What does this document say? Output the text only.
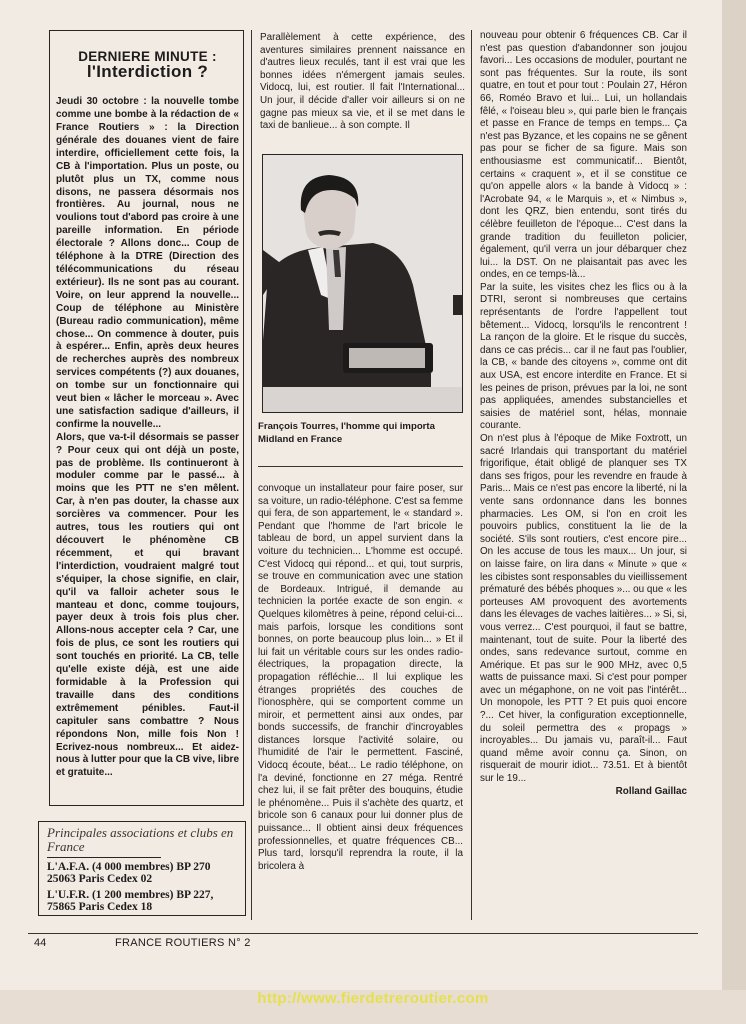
DERNIERE MINUTE :
l'Interdiction ?
Jeudi 30 octobre : la nouvelle tombe comme une bombe à la rédaction de « France Routiers » : la Direction générale des douanes vient de faire interdire, officiellement cette fois, la CB à l'importation. Plus un poste, ou plutôt plus un TX, comme nous disons, ne passera désormais nos frontières. Au journal, nous ne voulions tout d'abord pas croire à une pareille information. En période électorale ? Allons donc... Coup de téléphone à la DTRE (Direction des télécommunications du réseau extérieur). Ils ne sont pas au courant. Voire, on leur apprend la nouvelle... Coup de téléphone au Ministère (Bureau radio communication), même chose... On commence à douter, puis à espérer... Enfin, après deux heures de recherches auprès des nombreux services compétents (?) aux douanes, on tombe sur un fonctionnaire qui veut bien « lâcher le morceau ». Avec une satisfaction sadique d'ailleurs, il confirme la nouvelle...
Alors, que va-t-il désormais se passer ? Pour ceux qui ont déjà un poste, pas de problème. Ils continueront à moduler comme par le passé... à moins que les PTT ne s'en mêlent. Car, à n'en pas douter, la chasse aux sorcières va commencer. Pour les autres, tous les routiers qui ont découvert le phénomène CB récemment, et qui bravant l'interdiction, voudraient malgré tout s'équiper, la chose signifie, en clair, qu'il va falloir acheter sous le manteau et donc, comme toujours, payer deux à trois fois plus cher. Allons-nous accepter cela ? Car, une fois de plus, ce sont les routiers qui sont touchés en priorité. La CB, telle qu'elle existe déjà, est une aide formidable à la Profession qui travaille dans des conditions extrêmement pénibles. Faut-il capituler sans combattre ? Nous répondons Non, mille fois Non ! Ecrivez-nous nombreux... Et aidez-nous à lutter pour que la CB vive, libre et gratuite...
Principales associations et clubs en France
L'A.F.A. (4 000 membres) BP 270 25063 Paris Cedex 02
L'U.F.R. (1 200 membres) BP 227, 75865 Paris Cedex 18
Parallèlement à cette expérience, des aventures similaires prennent naissance en d'autres lieux reculés, tant il est vrai que les bonnes idées n'émergent jamais seules. Vidocq, lui, est routier. Il fait l'International... Un jour, il décide d'aller voir ailleurs si on ne gagne pas mieux sa vie, et il se met dans le taxi de banlieue... à son compte. Il
François Tourres, l'homme qui importa Midland en France
convoque un installateur pour faire poser, sur sa voiture, un radio-téléphone. C'est sa femme qui fera, de son appartement, le « standard ». Pendant que l'homme de l'art bricole le tableau de bord, un appel survient dans la voiture du technicien... L'homme est occupé. C'est Vidocq qui répond... et qui, tout surpris, se trouve en communication avec une station de Bordeaux. Intrigué, il demande au technicien la portée exacte de son engin. « Quelques kilomètres à peine, répond celui-ci... mais parfois, lorsque les conditions sont bonnes, on porte beaucoup plus loin... » Et il lui fait un véritable cours sur les ondes radio-électriques, la propagation directe, la propagation réfléchie... Il lui explique les étranges propriétés des couches de l'ionosphère, qui se comportent comme un miroir, et permettent ainsi aux ondes, par bonds successifs, de franchir d'incroyables distances lorsque l'activité solaire, ou l'humidité de l'air le permettent. Fasciné, Vidocq écoute, béat... Le radio téléphone, on l'a deviné, fonctionne en 27 méga. Rentré chez lui, il se fait prêter des bouquins, étudie le phénomène... Puis il s'achète des quartz, et bricole son 6 canaux pour lui donner plus de puissance... Il obtient ainsi deux fréquences professionnelles, et quatre fréquences CB... Plus tard, lorsqu'il reprendra la route, il la bricolera à

nouveau pour obtenir 6 fréquences CB. Car il n'est pas question d'abandonner son joujou favori... Les occasions de moduler, pourtant ne sont pas fréquentes. Sur la route, ils sont quatre, en tout et pour tout : Poulain 27, Héron 66, Roméo Bravo et lui... Lui, un hollandais fêlé, « l'oiseau bleu », qui parle bien le français et passe en France de temps en temps... Ça n'est pas Byzance, et les copains ne se gênent pas pour se ficher de sa figure. Mais son enthousiasme est communicatif... Bientôt, certains « craquent », et il se constitue ce qu'on appelle alors « la bande à Vidocq » : l'Acrobate 94, « le Marquis », et « Nimbus », dont les QRZ, bien entendu, sont tirés du célèbre feuilleton de l'époque... C'est dans la grande tradition du feuilleton policier, également, qu'il verra un jour débarquer chez lui... la DST. On ne plaisantait pas avec les ondes, en ce temps-là...

Par la suite, les visites chez les flics ou à la DTRI, seront si nombreuses que certains représentants de l'ordre l'appellent tout bêtement... Vidocq, lorsqu'ils le rencontrent ! La rançon de la gloire. Et le risque du succès, dans ce cas précis... car il ne faut pas l'oublier, la CB, « bande des citoyens », comme ont dit aux USA, est encore interdite en France. Et si les peines de prison, prévues par la loi, ne sont pas appliquées, amendes substancielles et saisies de matériel sont, hélas, monnaie courante.

On n'est plus à l'époque de Mike Foxtrott, un sacré Irlandais qui transportant du matériel frigorifique, était obligé de planquer ses TX dans ses frigos, pour les revendre en fraude à Paris... Mais ce n'est pas encore la liberté, ni la vente sans ordonnance dans les bonnes pharmacies. Les OM, si l'on en croit les pouvoirs publics, constituent la lie de la société. S'ils sont routiers, c'est encore pire... On les accuse de tous les maux... Un jour, si on laisse faire, on lira dans « Minute » que « les cibistes sont responsables du vieillissement prématuré des bébés phoques »... ou que « les porteuses AM provoquent des avortements dans les élevages de vaches laitières... » Si, si, vous verrez... C'est pourquoi, il faut se battre, maintenant, tout de suite. Pour la liberté des ondes, sans redevance surtout, comme en Amérique. Et pas sur le 900 MHz, avec 0,5 watts de puissance maxi. Si c'est pour pomper avec un mégaphone, on ne voit pas l'intérêt... Un monopole, les PTT ? Et puis quoi encore ?... Cet hiver, la configuration exceptionnelle, du soleil permettra des « propags » incroyables... Du jamais vu, paraît-il... Faut quand même avoir connu ça. Sinon, on risquerait de mourir idiot... 73.51. Et à bientôt sur le 19...

Rolland Gaillac

44	FRANCE ROUTIERS N° 2
http://www.fierdetreroutier.com
